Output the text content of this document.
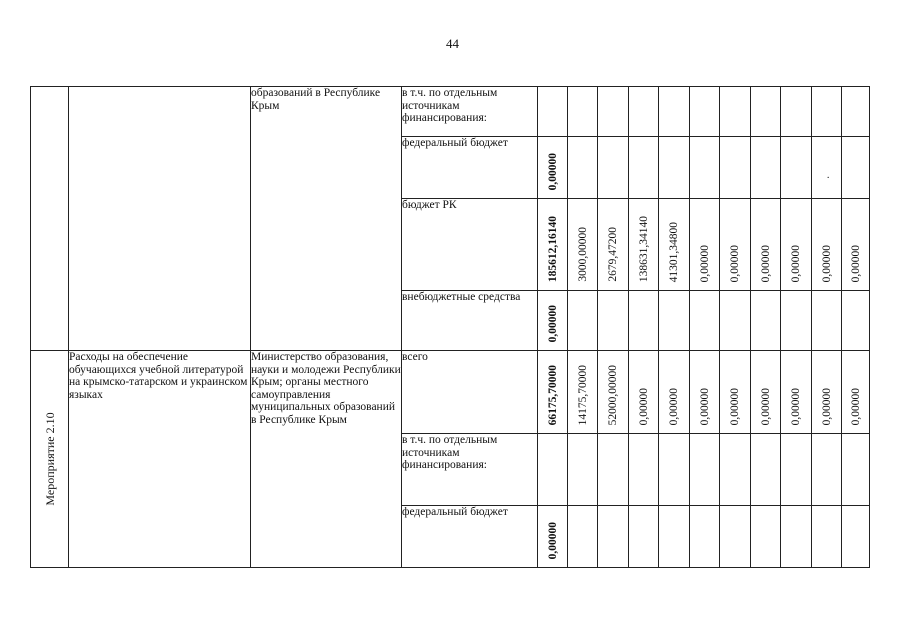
44
		образований в Республике Крым	в т.ч. по отдельным источникам финансирования:											
			федеральный бюджет	0,00000									·	

			бюджет РК	185612,16140	3000,00000	2679,47200	138631,34140	41301,34800	0,00000	0,00000	0,00000	0,00000	0,00000	0,00000

			внебюджетные средства	0,00000										

Мероприятие 2.10	Расходы на обеспечение обучающихся учебной литературой на крымско-татарском и украинском языках	Министерство образования, науки и молодежи Республики Крым; органы местного самоуправления муниципальных образований в Республике Крым	всего	66175,70000	14175,70000	52000,00000	0,00000	0,00000	0,00000	0,00000	0,00000	0,00000	0,00000	0,00000

			в т.ч. по отдельным источникам финансирования:											
			федеральный бюджет	0,00000										
